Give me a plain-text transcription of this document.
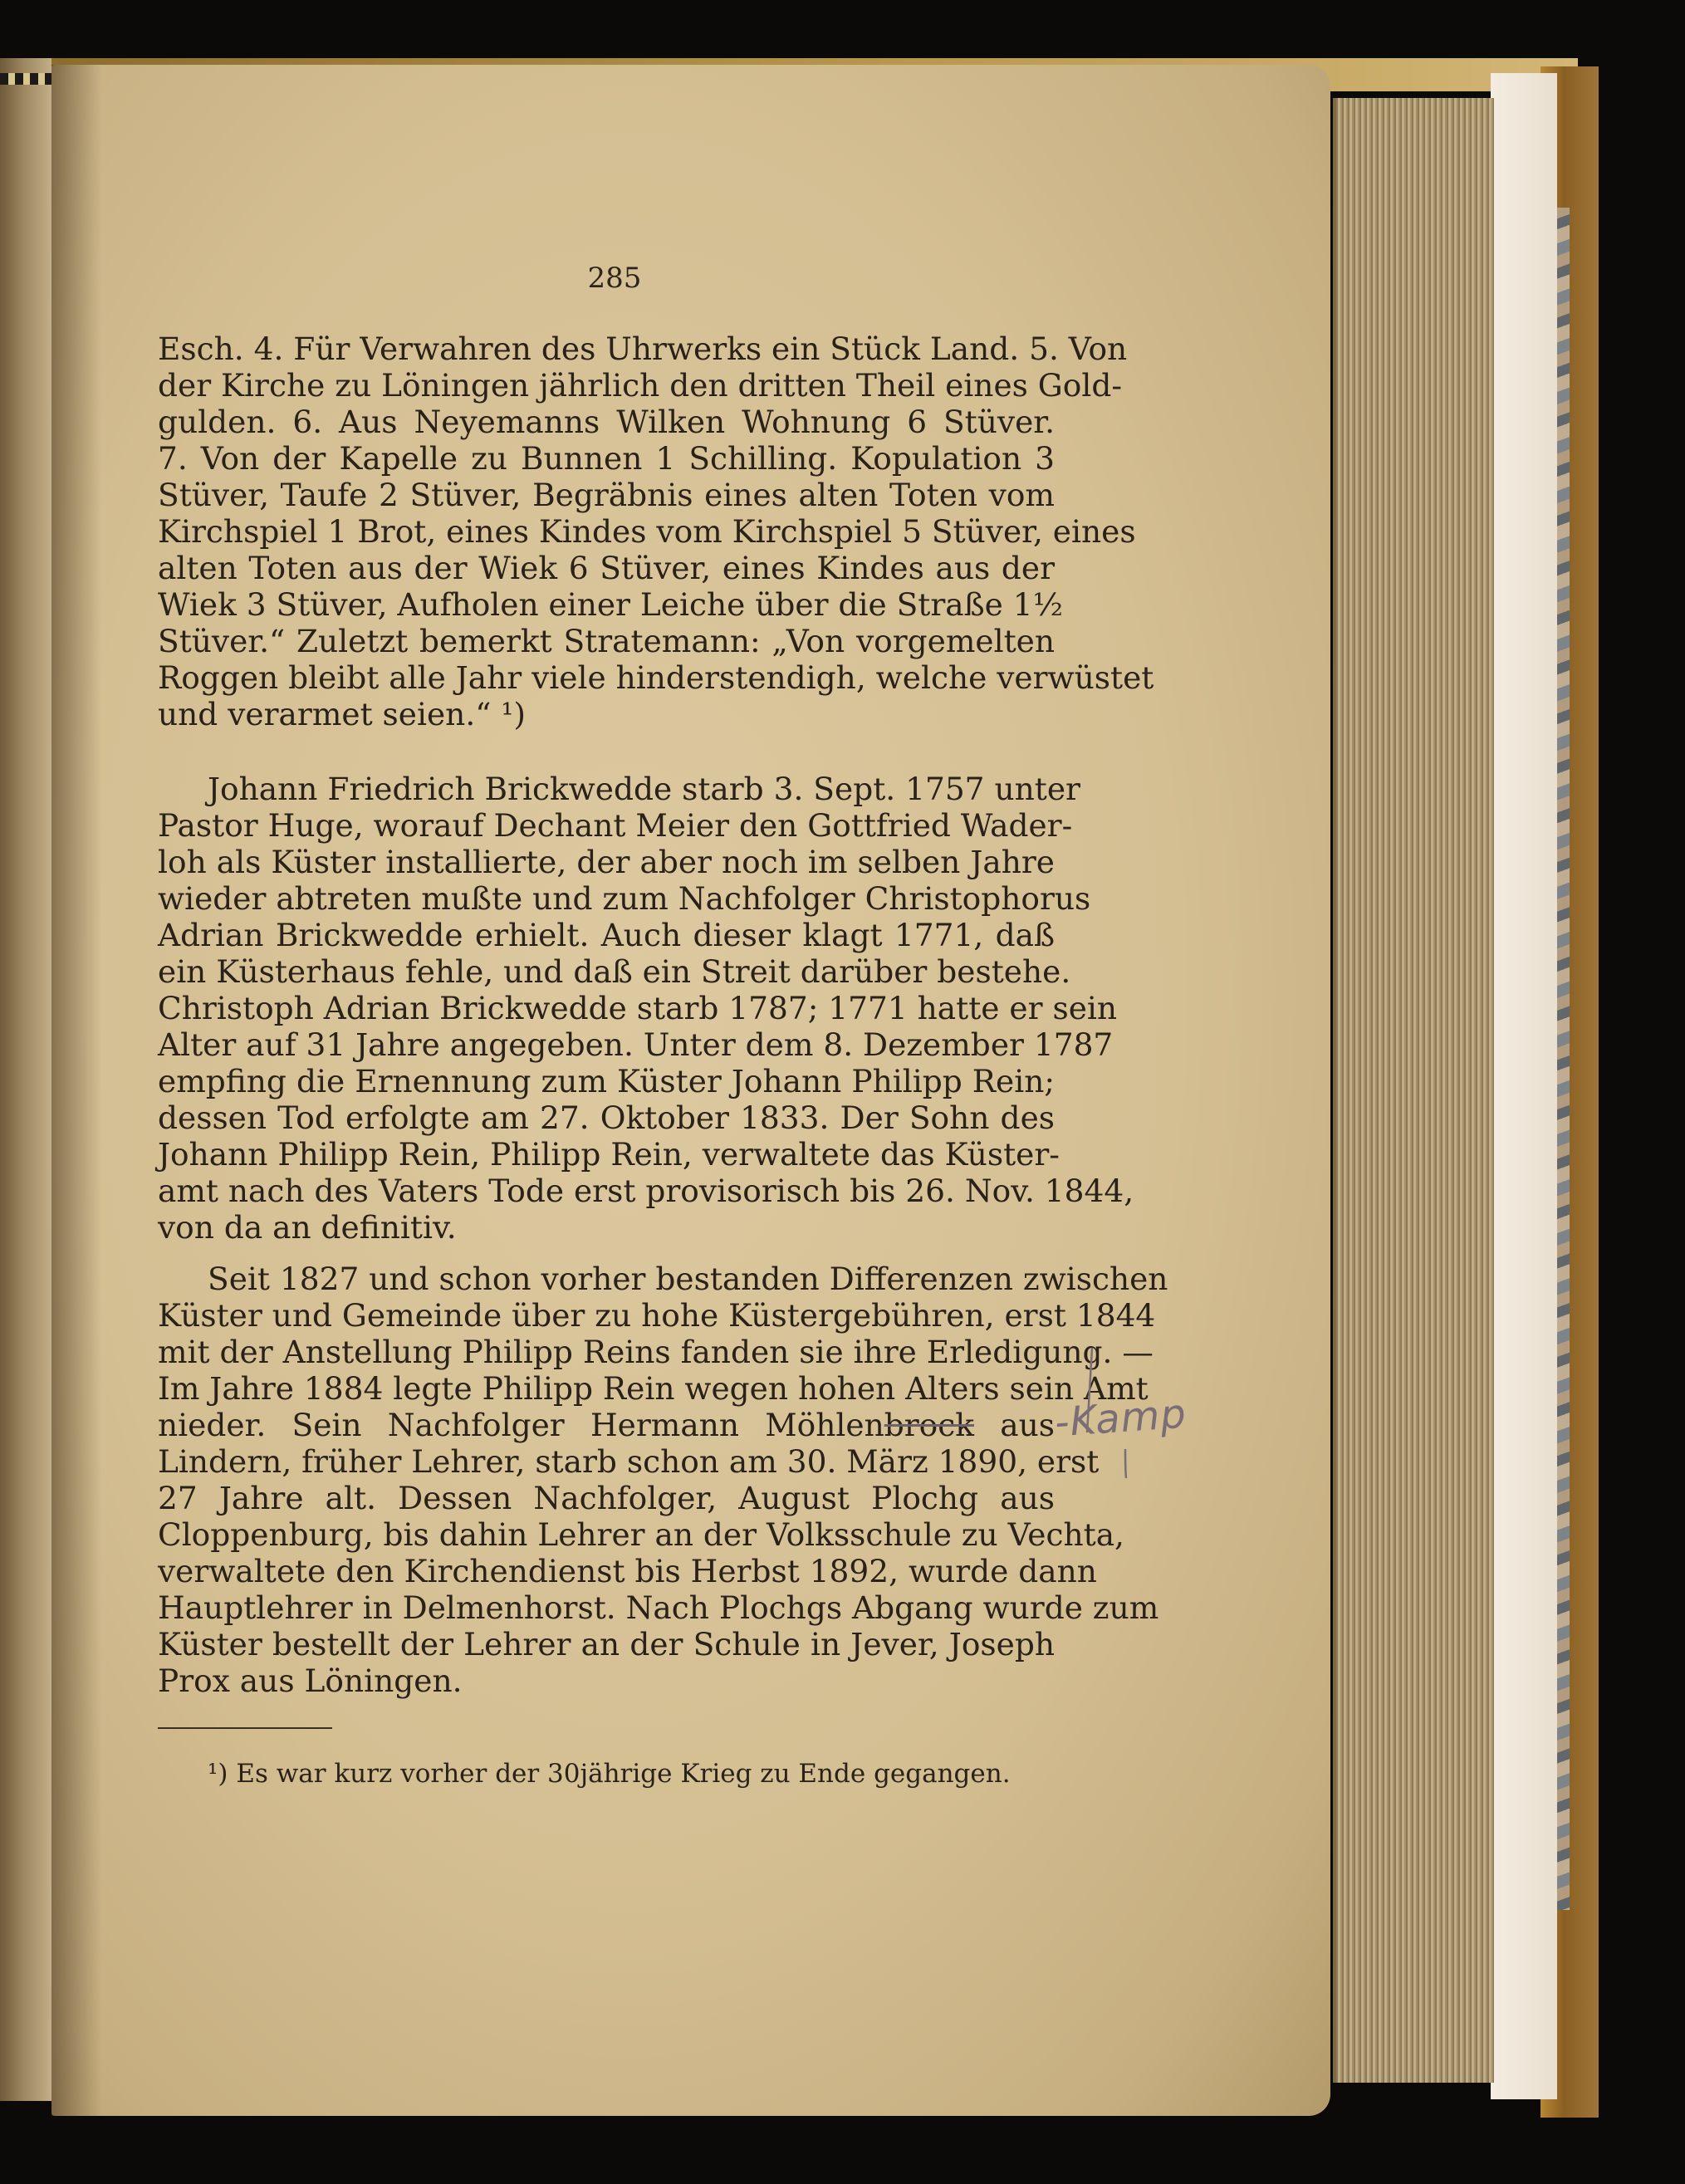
285
Esch. 4. Für Verwahren des Uhrwerks ein Stück Land. 5. Von
der Kirche zu Löningen jährlich den dritten Theil eines Gold-
gulden. 6. Aus Neyemanns Wilken Wohnung 6 Stüver.
7. Von der Kapelle zu Bunnen 1 Schilling. Kopulation 3
Stüver, Taufe 2 Stüver, Begräbnis eines alten Toten vom
Kirchspiel 1 Brot, eines Kindes vom Kirchspiel 5 Stüver, eines
alten Toten aus der Wiek 6 Stüver, eines Kindes aus der
Wiek 3 Stüver, Aufholen einer Leiche über die Straße 1½
Stüver.“ Zuletzt bemerkt Stratemann: „Von vorgemelten
Roggen bleibt alle Jahr viele hinderstendigh, welche verwüstet
und verarmet seien.“ ¹)
Johann Friedrich Brickwedde starb 3. Sept. 1757 unter
Pastor Huge, worauf Dechant Meier den Gottfried Wader-
loh als Küster installierte, der aber noch im selben Jahre
wieder abtreten mußte und zum Nachfolger Christophorus
Adrian Brickwedde erhielt. Auch dieser klagt 1771, daß
ein Küsterhaus fehle, und daß ein Streit darüber bestehe.
Christoph Adrian Brickwedde starb 1787; 1771 hatte er sein
Alter auf 31 Jahre angegeben. Unter dem 8. Dezember 1787
empfing die Ernennung zum Küster Johann Philipp Rein;
dessen Tod erfolgte am 27. Oktober 1833. Der Sohn des
Johann Philipp Rein, Philipp Rein, verwaltete das Küster-
amt nach des Vaters Tode erst provisorisch bis 26. Nov. 1844,
von da an definitiv.
Seit 1827 und schon vorher bestanden Differenzen zwischen
Küster und Gemeinde über zu hohe Küstergebühren, erst 1844
mit der Anstellung Philipp Reins fanden sie ihre Erledigung. —
Im Jahre 1884 legte Philipp Rein wegen hohen Alters sein Amt
nieder. Sein Nachfolger Hermann Möhlenbrock aus
Lindern, früher Lehrer, starb schon am 30. März 1890, erst
27 Jahre alt. Dessen Nachfolger, August Plochg aus
Cloppenburg, bis dahin Lehrer an der Volksschule zu Vechta,
verwaltete den Kirchendienst bis Herbst 1892, wurde dann
Hauptlehrer in Delmenhorst. Nach Plochgs Abgang wurde zum
Küster bestellt der Lehrer an der Schule in Jever, Joseph
Prox aus Löningen.
¹) Es war kurz vorher der 30jährige Krieg zu Ende gegangen.
-Kamp
